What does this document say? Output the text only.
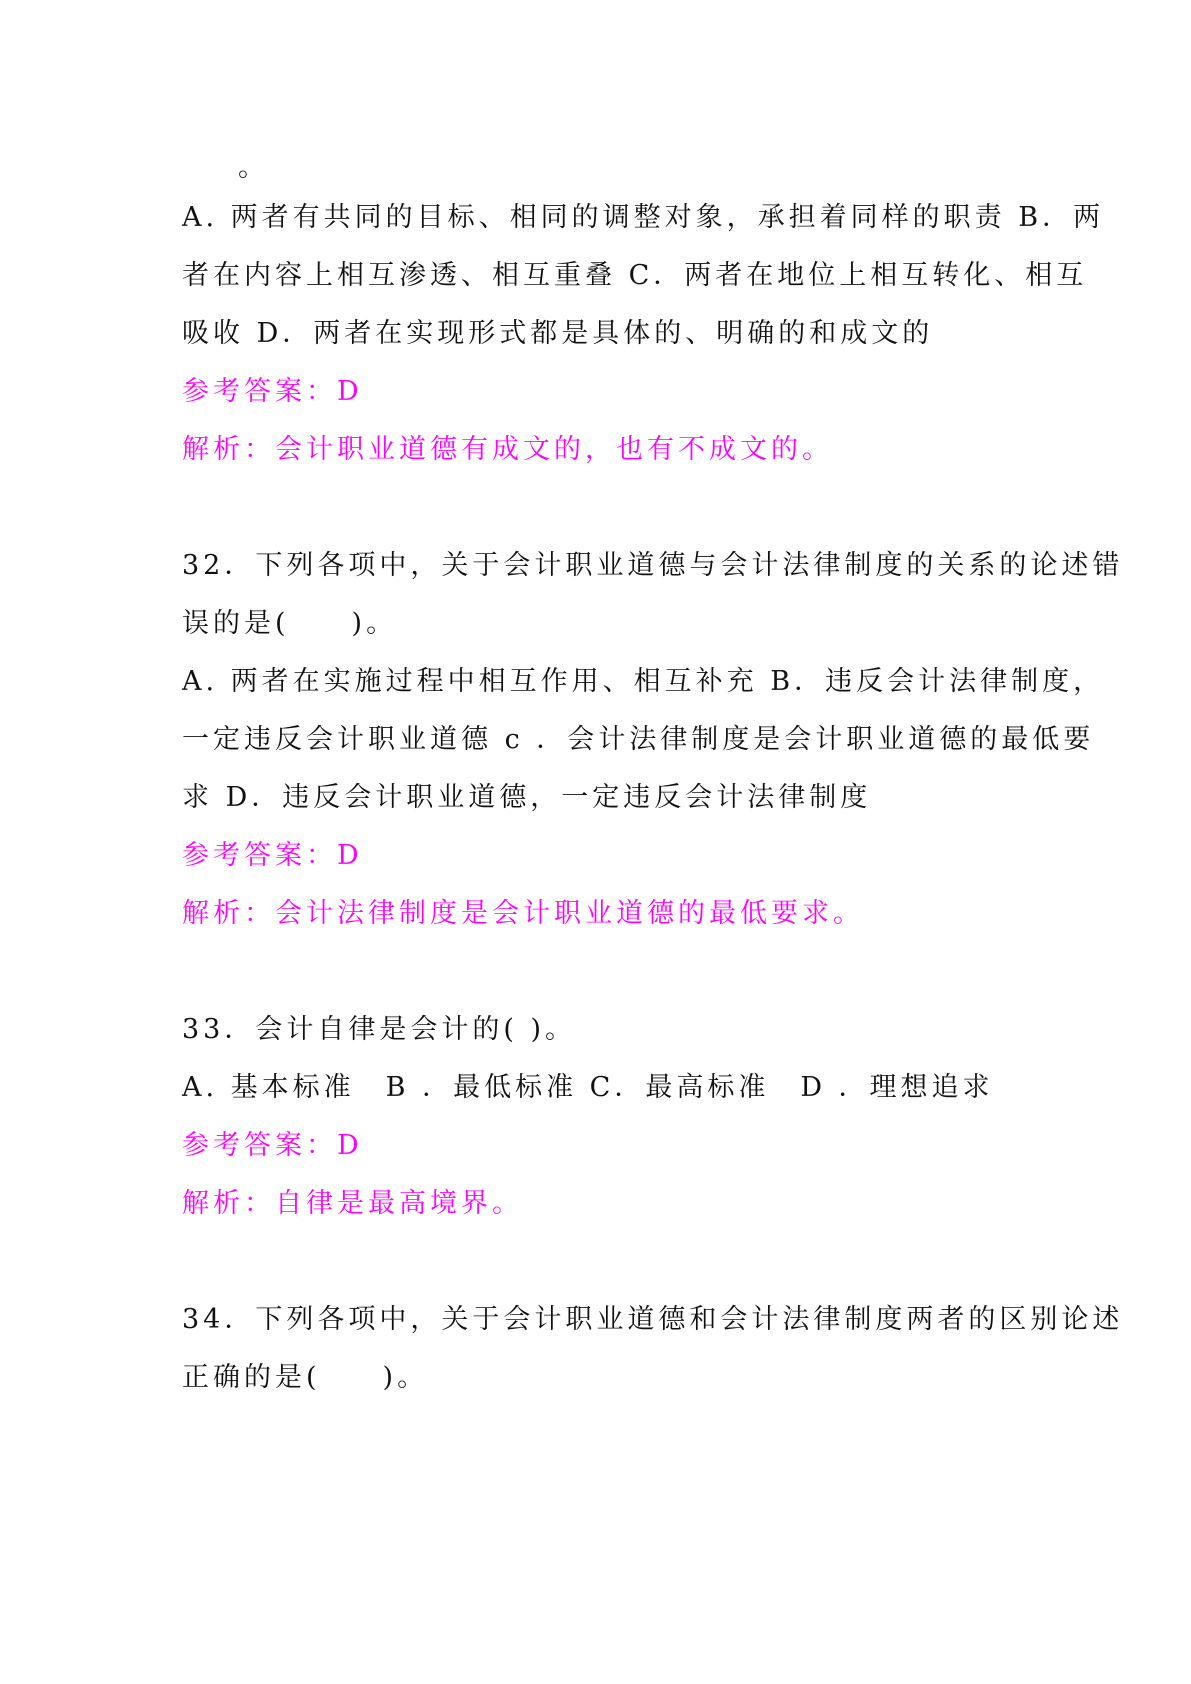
。
A. 两者有共同的目标、相同的调整对象，承担着同样的职责 B．两
者在内容上相互渗透、相互重叠 C．两者在地位上相互转化、相互
吸收 D．两者在实现形式都是具体的、明确的和成文的
参考答案：D
解析：会计职业道德有成文的，也有不成文的。
32．下列各项中，关于会计职业道德与会计法律制度的关系的论述错
误的是(　　)。
A. 两者在实施过程中相互作用、相互补充 B．违反会计法律制度，
一定违反会计职业道德 c ．会计法律制度是会计职业道德的最低要
求 D．违反会计职业道德，一定违反会计法律制度
参考答案：D
解析：会计法律制度是会计职业道德的最低要求。
33．会计自律是会计的( )。
A. 基本标准　B ．最低标准 C．最高标准　D ．理想追求
参考答案：D
解析：自律是最高境界。
34．下列各项中，关于会计职业道德和会计法律制度两者的区别论述
正确的是(　　)。
